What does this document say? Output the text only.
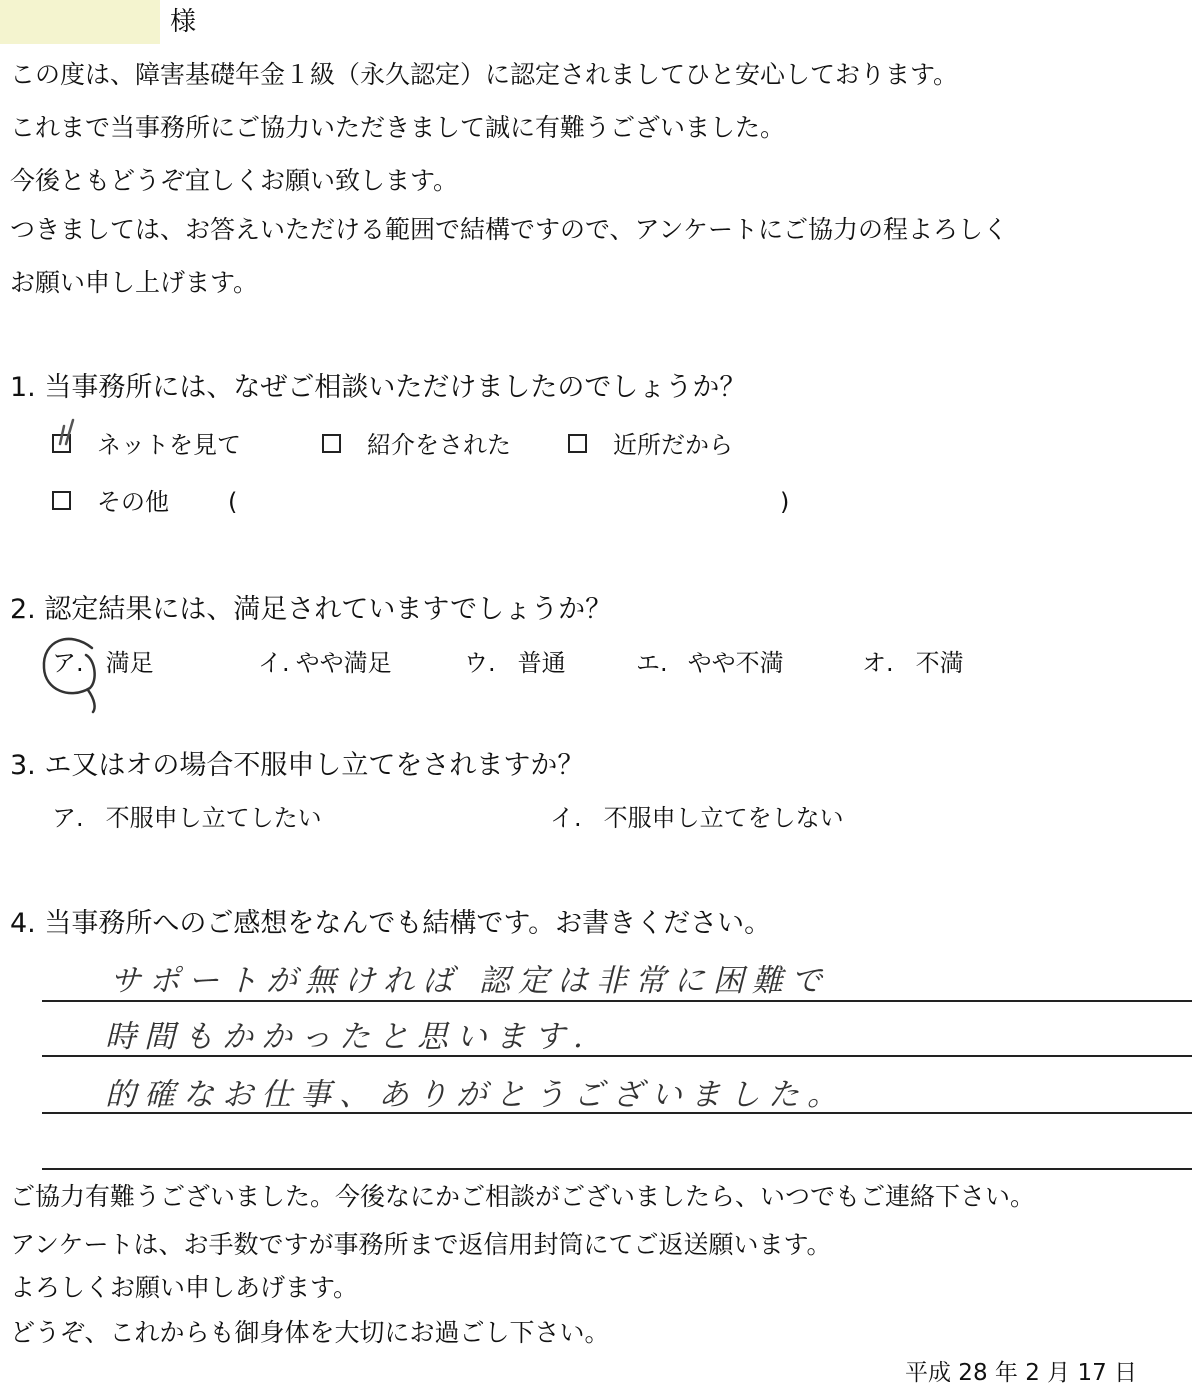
様
この度は、障害基礎年金１級（永久認定）に認定されましてひと安心しております。
これまで当事務所にご協力いただきまして誠に有難うございました。
今後ともどうぞ宜しくお願い致します。
つきましては、お答えいただける範囲で結構ですので、アンケートにご協力の程よろしく
お願い申し上げます。
1. 当事務所には、なぜご相談いただけましたのでしょうか？
ネットを見て	紹介をされた	近所だから
その他 (	)
2. 認定結果には、満足されていますでしょうか？
ア. 満足	イ. やや満足	ウ. 普通	エ. やや不満	オ. 不満
3. エ又はオの場合不服申し立てをされますか？
ア. 不服申し立てしたい	イ. 不服申し立てをしない
4. 当事務所へのご感想をなんでも結構です。お書きください。
サポートが無ければ 認定は非常に困難で
時間もかかったと思います.
的確なお仕事、ありがとうございました。
ご協力有難うございました。今後なにかご相談がございましたら、いつでもご連絡下さい。
アンケートは、お手数ですが事務所まで返信用封筒にてご返送願います。
よろしくお願い申しあげます。
どうぞ、これからも御身体を大切にお過ごし下さい。
平成 28 年 2 月 17 日
